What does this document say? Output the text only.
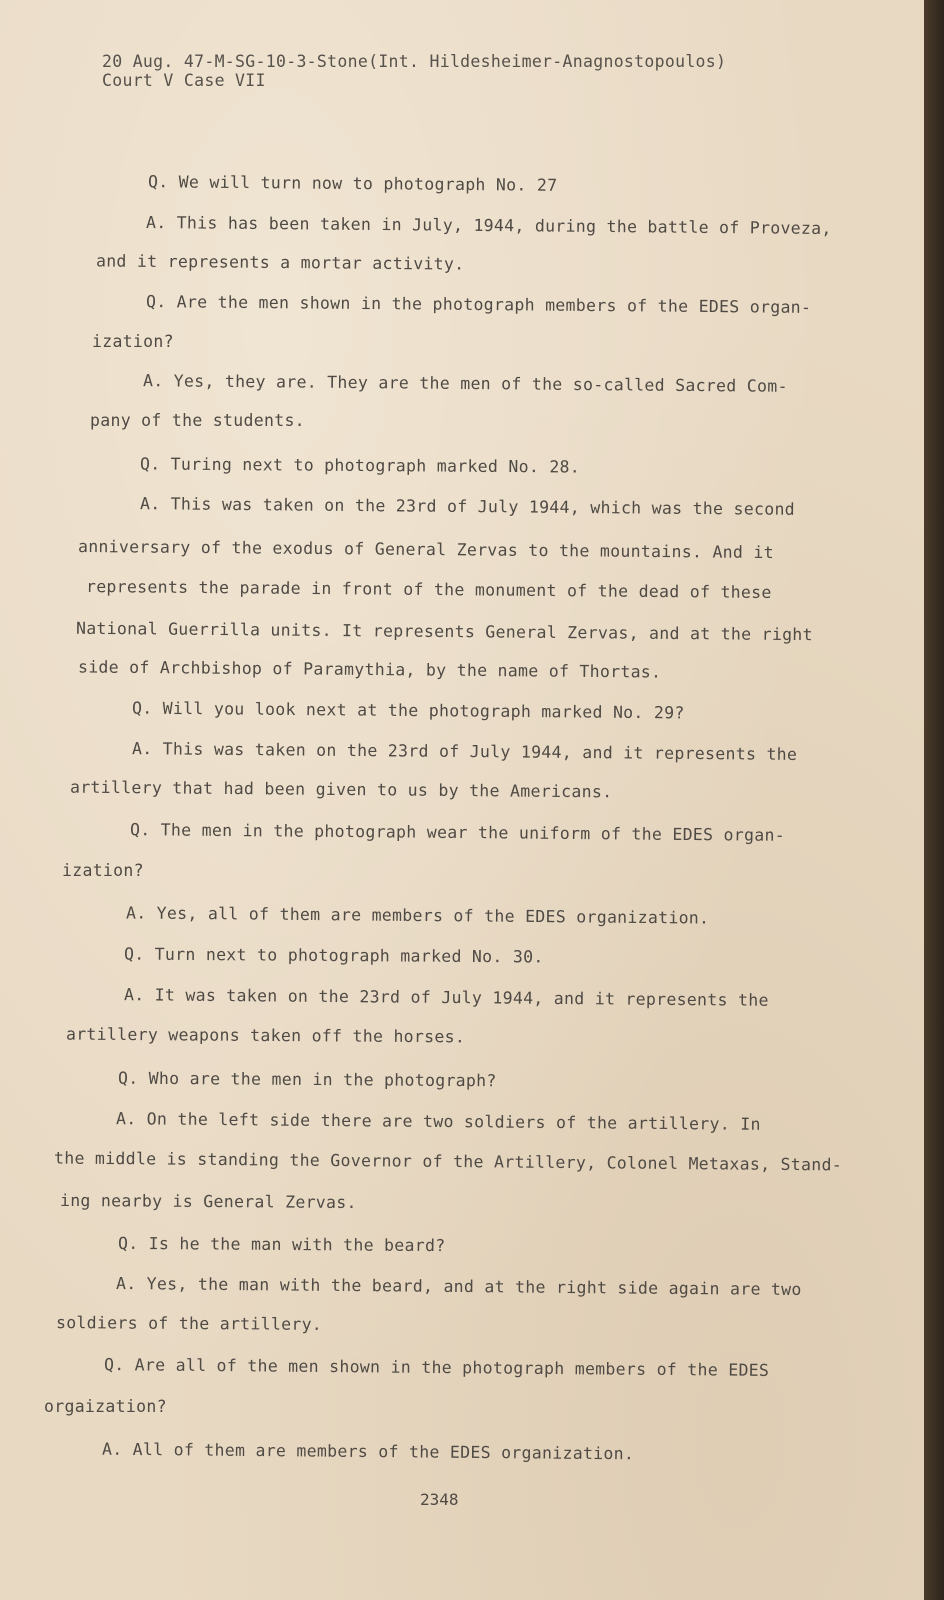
20 Aug. 47-M-SG-10-3-Stone(Int. Hildesheimer-Anagnostopoulos)
Court V Case VII
Q. We will turn now to photograph No. 27
A. This has been taken in July, 1944, during the battle of Proveza,
and it represents a mortar activity.
Q. Are the men shown in the photograph members of the EDES organ-
ization?
A. Yes, they are. They are the men of the so-called Sacred Com-
pany of the students.
Q. Turing next to photograph marked No. 28.
A. This was taken on the 23rd of July 1944, which was the second
anniversary of the exodus of General Zervas to the mountains. And it
represents the parade in front of the monument of the dead of these
National Guerrilla units. It represents General Zervas, and at the right
side of Archbishop of Paramythia, by the name of Thortas.
Q. Will you look next at the photograph marked No. 29?
A. This was taken on the 23rd of July 1944, and it represents the
artillery that had been given to us by the Americans.
Q. The men in the photograph wear the uniform of the EDES organ-
ization?
A. Yes, all of them are members of the EDES organization.
Q. Turn next to photograph marked No. 30.
A. It was taken on the 23rd of July 1944, and it represents the
artillery weapons taken off the horses.
Q. Who are the men in the photograph?
A. On the left side there are two soldiers of the artillery. In
the middle is standing the Governor of the Artillery, Colonel Metaxas, Stand-
ing nearby is General Zervas.
Q. Is he the man with the beard?
A. Yes, the man with the beard, and at the right side again are two
soldiers of the artillery.
Q. Are all of the men shown in the photograph members of the EDES
orgaization?
A. All of them are members of the EDES organization.
2348
